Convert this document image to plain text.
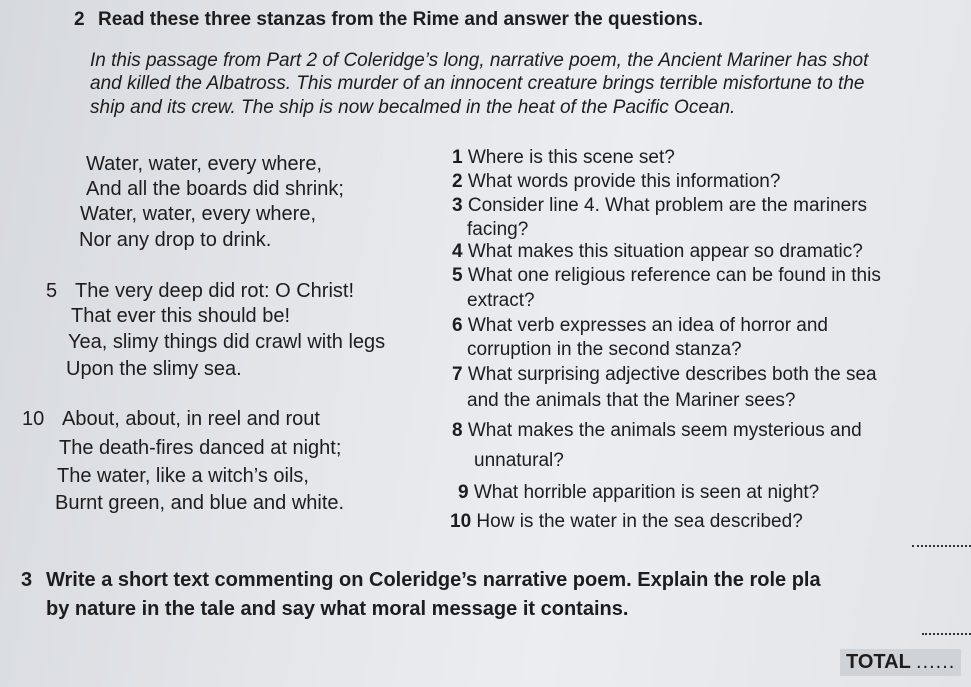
2 Read these three stanzas from the Rime and answer the questions.
In this passage from Part 2 of Coleridge’s long, narrative poem, the Ancient Mariner has shot
and killed the Albatross. This murder of an innocent creature brings terrible misfortune to the
ship and its crew. The ship is now becalmed in the heat of the Pacific Ocean.
Water, water, every where,
And all the boards did shrink;
Water, water, every where,
Nor any drop to drink.
5 The very deep did rot: O Christ!
That ever this should be!
Yea, slimy things did crawl with legs
Upon the slimy sea.
10 About, about, in reel and rout
The death-fires danced at night;
The water, like a witch’s oils,
Burnt green, and blue and white.
1 Where is this scene set?
2 What words provide this information?
3 Consider line 4. What problem are the mariners
facing?
4 What makes this situation appear so dramatic?
5 What one religious reference can be found in this
extract?
6 What verb expresses an idea of horror and
corruption in the second stanza?
7 What surprising adjective describes both the sea
and the animals that the Mariner sees?
8 What makes the animals seem mysterious and
unnatural?
9 What horrible apparition is seen at night?
10 How is the water in the sea described?
3 Write a short text commenting on Coleridge’s narrative poem. Explain the role pla
by nature in the tale and say what moral message it contains.
TOTAL ......
